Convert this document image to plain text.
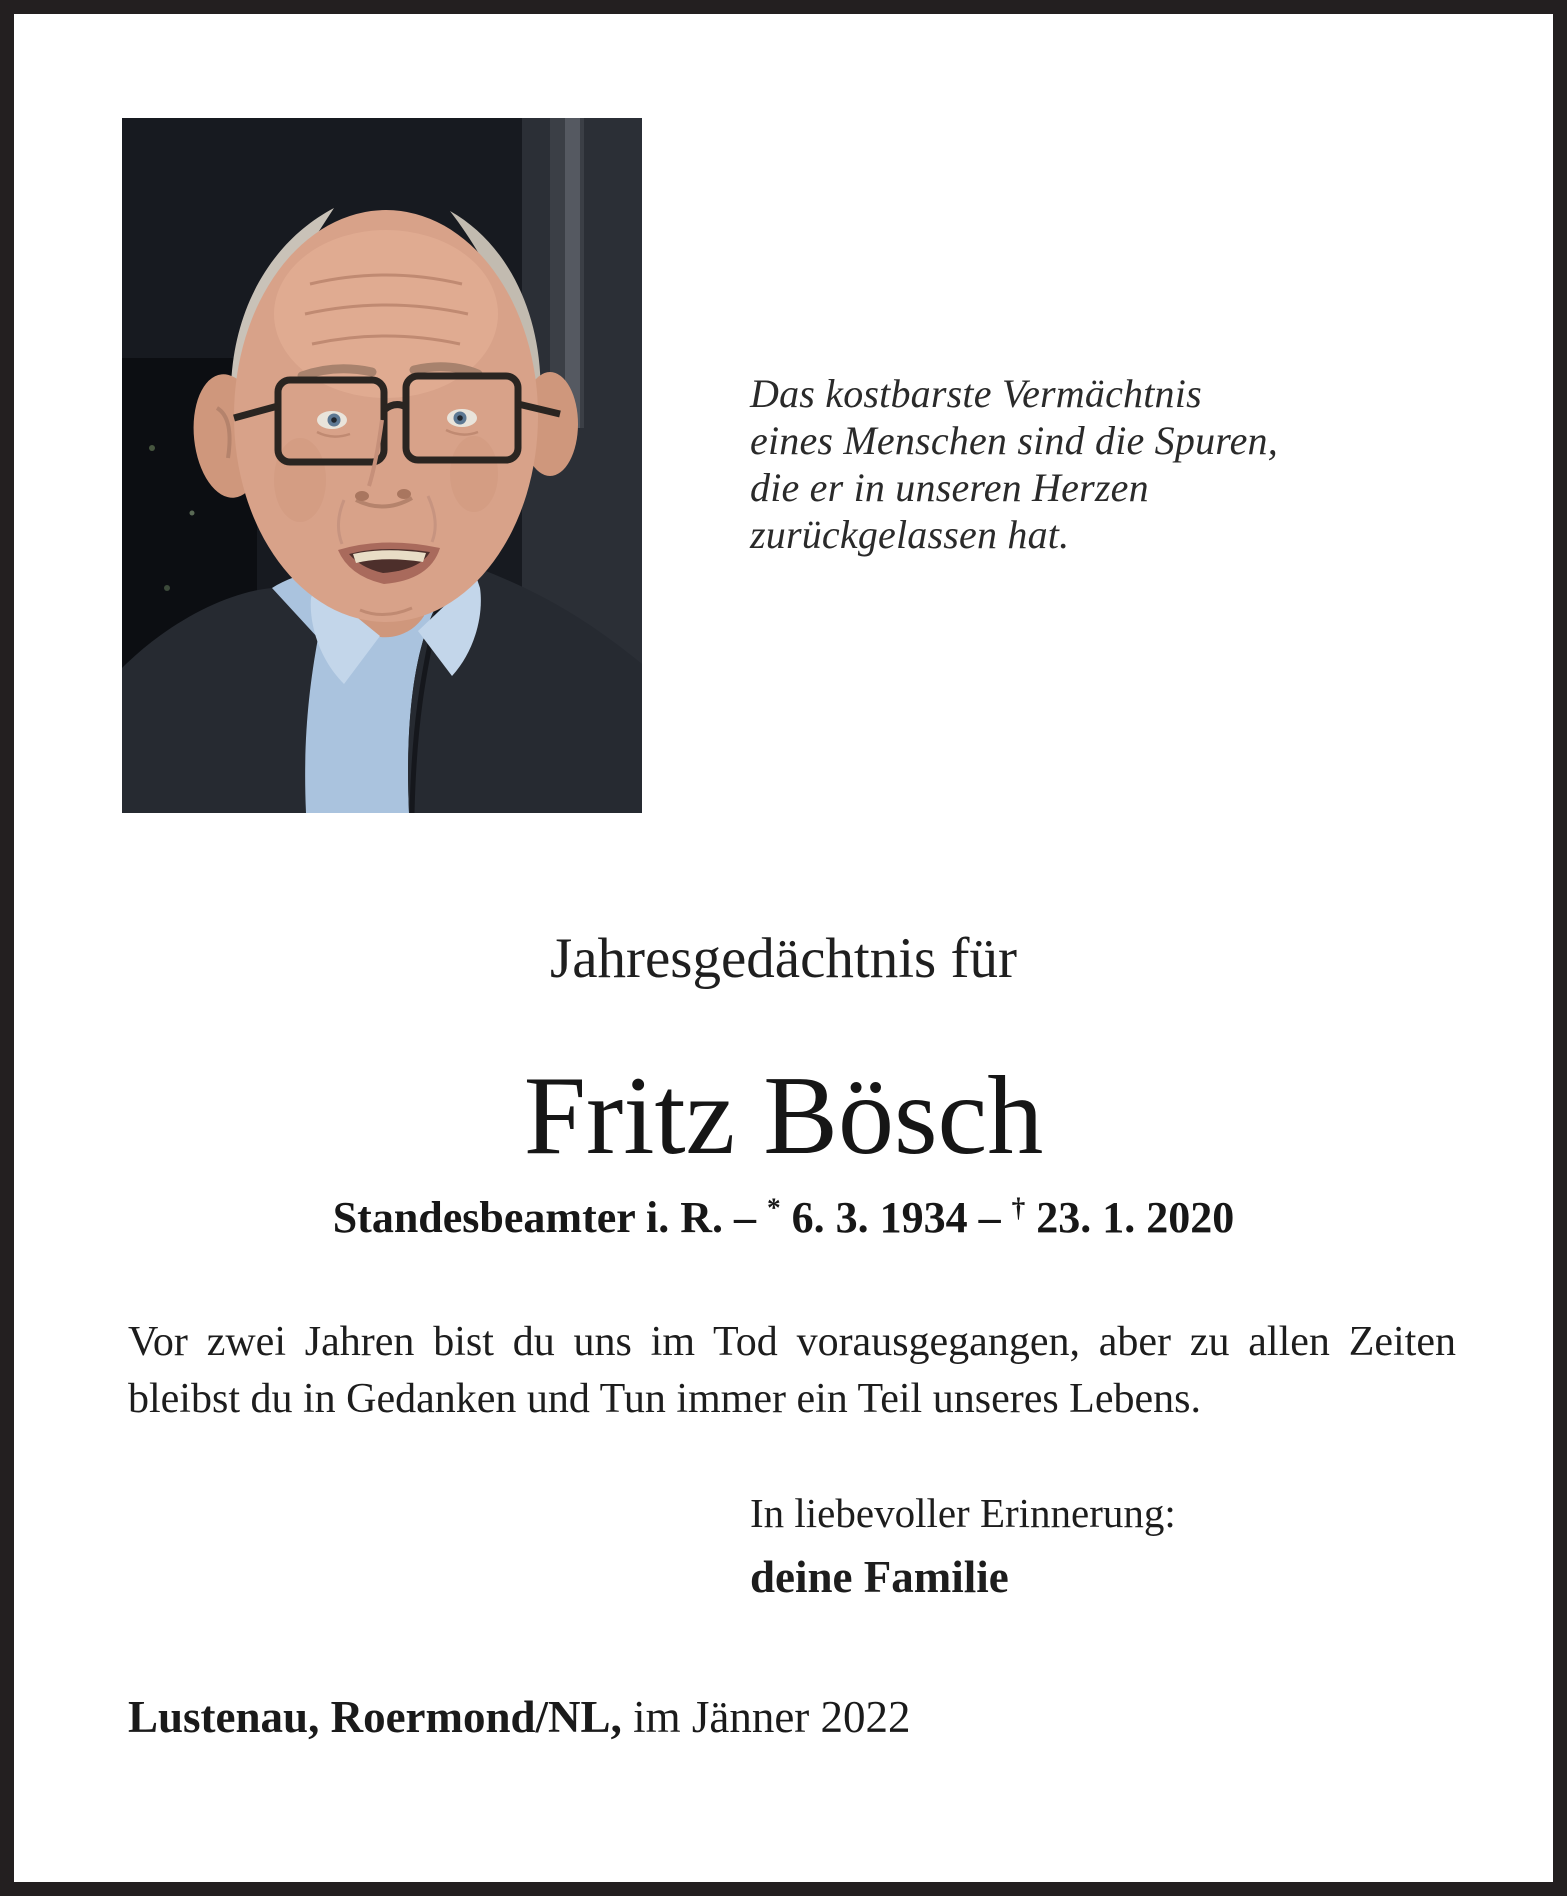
Das kostbarste Vermächtnis
eines Menschen sind die Spuren,
die er in unseren Herzen
zurückgelassen hat.
Jahresgedächtnis für
Fritz Bösch
Standesbeamter i. R. – * 6. 3. 1934 – † 23. 1. 2020
Vor zwei Jahren bist du uns im Tod vorausgegangen, aber zu allen Zeiten
bleibst du in Gedanken und Tun immer ein Teil unseres Lebens.
In liebevoller Erinnerung:
deine Familie
Lustenau, Roermond/NL, im Jänner 2022
